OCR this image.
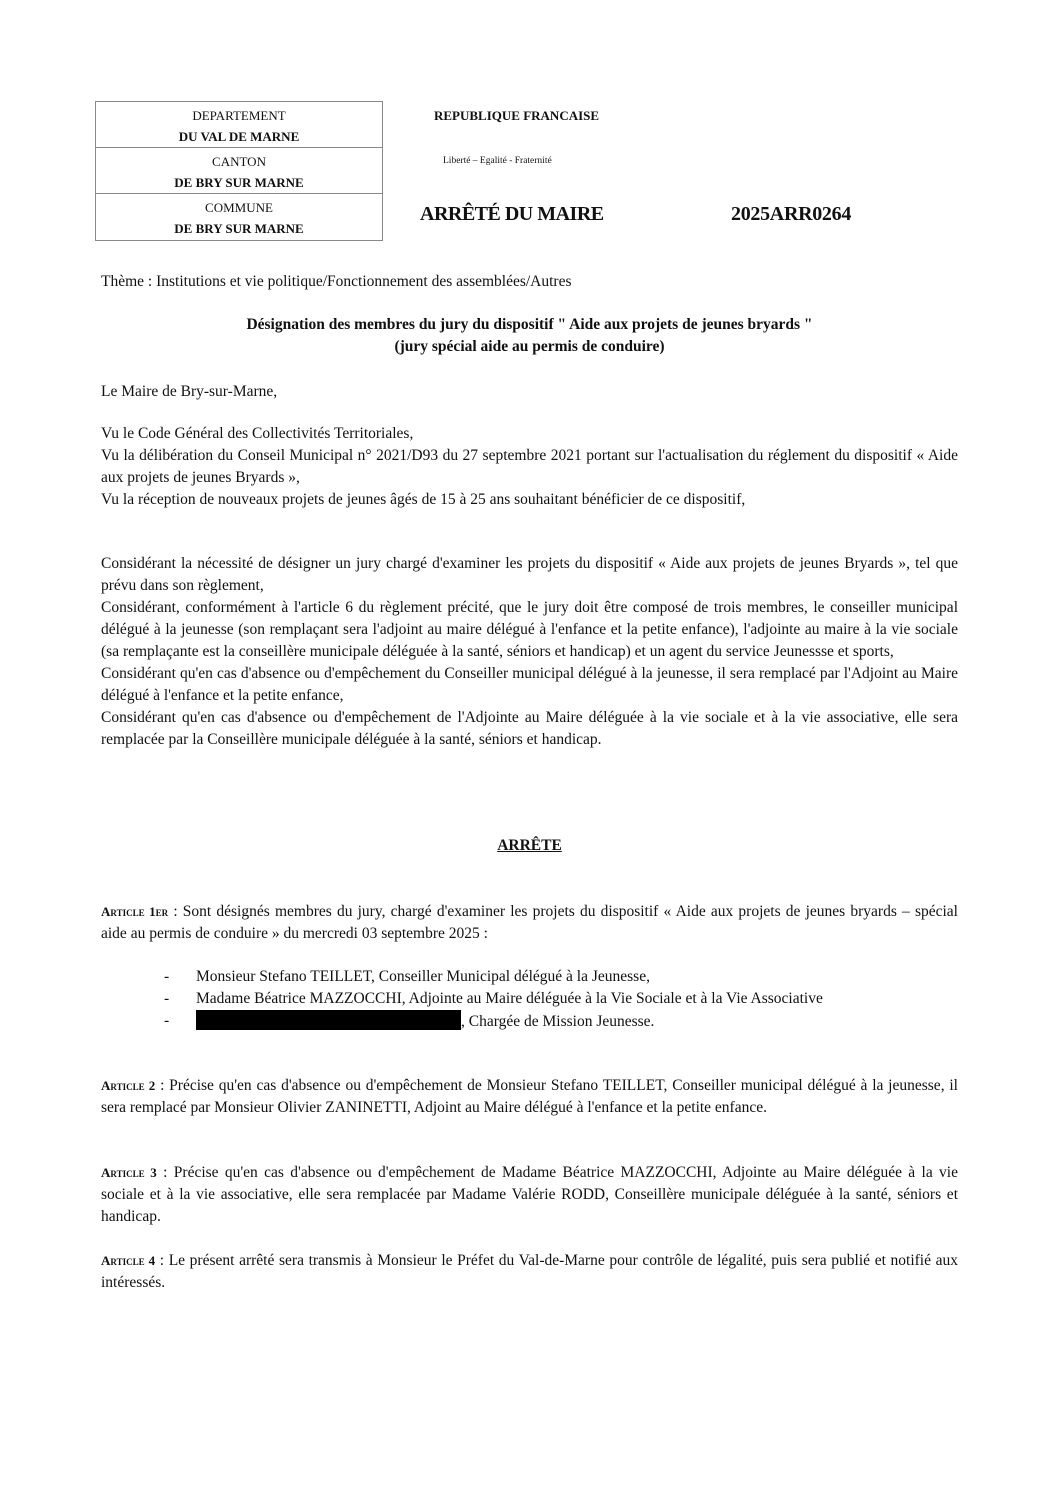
DEPARTEMENT
DU VAL DE MARNE
CANTON
DE BRY SUR MARNE
COMMUNE
DE BRY SUR MARNE
REPUBLIQUE FRANCAISE
Liberté – Egalité - Fraternité
ARRÊTÉ DU MAIRE	2025ARR0264
Thème : Institutions et vie politique/Fonctionnement des assemblées/Autres
Désignation des membres du jury du dispositif " Aide aux projets de jeunes bryards "
(jury spécial aide au permis de conduire)
Le Maire de Bry-sur-Marne,
Vu le Code Général des Collectivités Territoriales,
Vu la délibération du Conseil Municipal n° 2021/D93 du 27 septembre 2021 portant sur l'actualisation du réglement du dispositif « Aide aux projets de jeunes Bryards »,
Vu la réception de nouveaux projets de jeunes âgés de 15 à 25 ans souhaitant bénéficier de ce dispositif,
Considérant la nécessité de désigner un jury chargé d'examiner les projets du dispositif « Aide aux projets de jeunes Bryards », tel que prévu dans son règlement,
Considérant, conformément à l'article 6 du règlement précité, que le jury doit être composé de trois membres, le conseiller municipal délégué à la jeunesse (son remplaçant sera l'adjoint au maire délégué à l'enfance et la petite enfance), l'adjointe au maire à la vie sociale (sa remplaçante est la conseillère municipale déléguée à la santé, séniors et handicap) et un agent du service Jeunessse et sports,
Considérant qu'en cas d'absence ou d'empêchement du Conseiller municipal délégué à la jeunesse, il sera remplacé par l'Adjoint au Maire délégué à l'enfance et la petite enfance,
Considérant qu'en cas d'absence ou d'empêchement de l'Adjointe au Maire déléguée à la vie sociale et à la vie associative, elle sera remplacée par la Conseillère municipale déléguée à la santé, séniors et handicap.
ARRÊTE
Article 1er : Sont désignés membres du jury, chargé d'examiner les projets du dispositif « Aide aux projets de jeunes bryards – spécial aide au permis de conduire » du mercredi 03 septembre 2025 :
- Monsieur Stefano TEILLET, Conseiller Municipal délégué à la Jeunesse,
- Madame Béatrice MAZZOCCHI, Adjointe au Maire déléguée à la Vie Sociale et à la Vie Associative
-	, Chargée de Mission Jeunesse.
Article 2 : Précise qu'en cas d'absence ou d'empêchement de Monsieur Stefano TEILLET, Conseiller municipal délégué à la jeunesse, il sera remplacé par Monsieur Olivier ZANINETTI, Adjoint au Maire délégué à l'enfance et la petite enfance.
Article 3 : Précise qu'en cas d'absence ou d'empêchement de Madame Béatrice MAZZOCCHI, Adjointe au Maire déléguée à la vie sociale et à la vie associative, elle sera remplacée par Madame Valérie RODD, Conseillère municipale déléguée à la santé, séniors et handicap.
Article 4 : Le présent arrêté sera transmis à Monsieur le Préfet du Val-de-Marne pour contrôle de légalité, puis sera publié et notifié aux intéressés.
